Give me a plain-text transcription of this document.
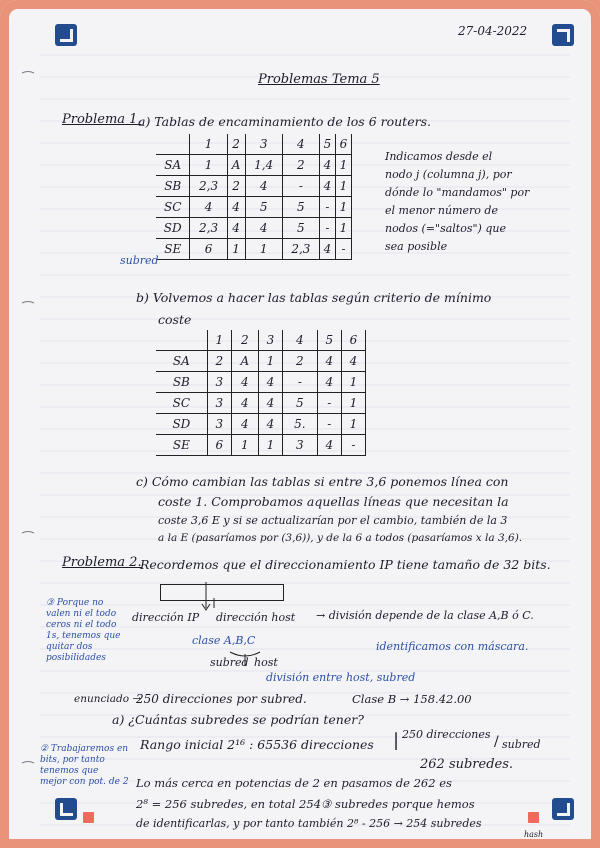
27-04-2022
Problemas Tema 5
Problema 1.
a) Tablas de encaminamiento de los 6 routers.
	1	2	3	4	5	6
SA	1	A	1,4	2	4	1
SB	2,3	2	4	-	4	1
SC	4	4	5	5	-	1
SD	2,3	4	4	5	-	1
SE	6	1	1	2,3	4	-
subred
Indicamos desde el
nodo j (columna j), por
dónde lo "mandamos" por
el menor número de
nodos (="saltos") que
sea posible
b) Volvemos a hacer las tablas según criterio de mínimo
coste
	1	2	3	4	5	6
SA	2	A	1	2	4	4
SB	3	4	4	-	4	1
SC	3	4	4	5	-	1
SD	3	4	4	5.	-	1
SE	6	1	1	3	4	-
c) Cómo cambian las tablas si entre 3,6 ponemos línea con
coste 1. Comprobamos aquellas líneas que necesitan la
coste 3,6 E y si se actualizarían por el cambio, también de la 3
a la E (pasaríamos por (3,6)), y de la 6 a todos (pasaríamos x la 3,6).
Problema 2.
Recordemos que el direccionamiento IP tiene tamaño de 32 bits.
dirección IP dirección host → división depende de la clase A,B ó C.
clase A,B,C
subred host
división entre host, subred
identificamos con máscara.
③ Porque no
valen ni el todo
ceros ni el todo
1s, tenemos que
quitar dos
posibilidades
enunciado →
250 direcciones por subred.	Clase B → 158.42.00
a) ¿Cuántas subredes se podrían tener?
Rango inicial 2¹⁶ : 65536 direcciones | 250 direcciones / subred
262 subredes.
② Trabajaremos en
bits, por tanto
tenemos que
mejor con pot. de 2 Lo más cerca en potencias de 2 en pasamos de 262 es
2⁸ = 256 subredes, en total 254③ subredes porque hemos
de identificarlas, y por tanto también 2⁸ - 256 → 254 subredes
hash
